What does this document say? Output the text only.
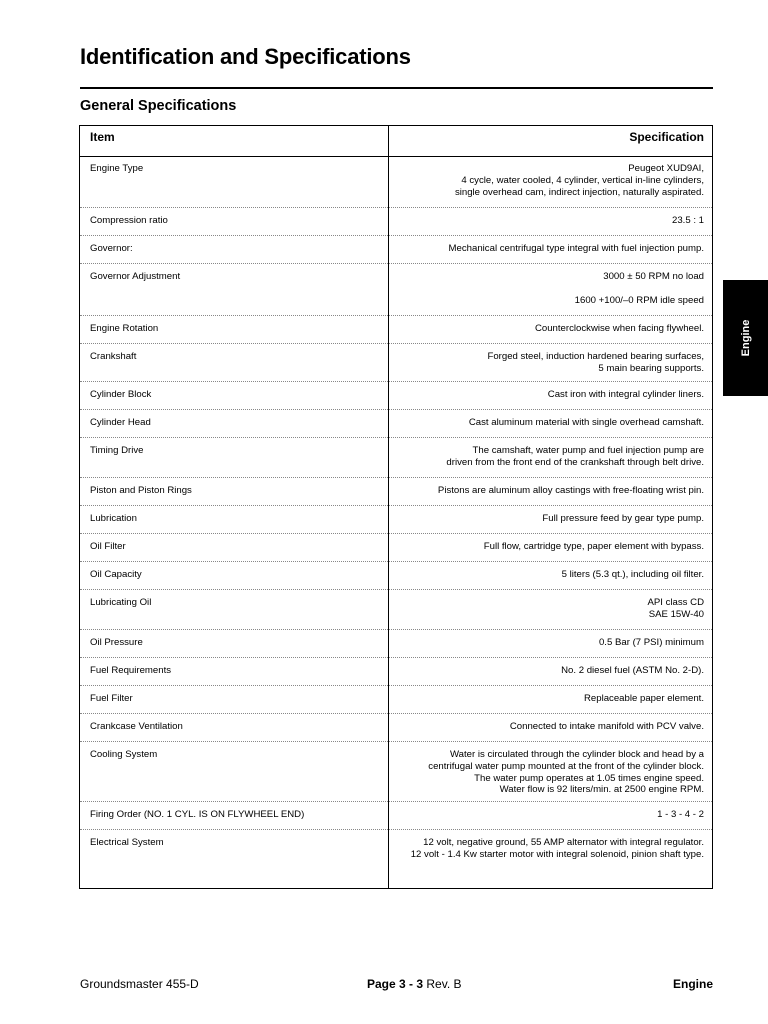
Identification and Specifications
General Specifications
Item	Specification
Engine Type	Peugeot XUD9AI,
4 cycle, water cooled, 4 cylinder, vertical in-line cylinders,
single overhead cam, indirect injection, naturally aspirated.
Compression ratio	23.5 : 1
Governor:	Mechanical centrifugal type integral with fuel injection pump.
Governor Adjustment	3000 ± 50 RPM no load
1600 +100/–0 RPM idle speed
Engine Rotation	Counterclockwise when facing flywheel.
Crankshaft	Forged steel, induction hardened bearing surfaces,
5 main bearing supports.
Cylinder Block	Cast iron with integral cylinder liners.
Cylinder Head	Cast aluminum material with single overhead camshaft.
Timing Drive	The camshaft, water pump and fuel injection pump are
driven from the front end of the crankshaft through belt drive.
Piston and Piston Rings	Pistons are aluminum alloy castings with free-floating wrist pin.
Lubrication	Full pressure feed by gear type pump.
Oil Filter	Full flow, cartridge type, paper element with bypass.
Oil Capacity	5 liters (5.3 qt.), including oil filter.
Lubricating Oil	API class CD
SAE 15W-40
Oil Pressure	0.5 Bar (7 PSI) minimum
Fuel Requirements	No. 2 diesel fuel (ASTM No. 2-D).
Fuel Filter	Replaceable paper element.
Crankcase Ventilation	Connected to intake manifold with PCV valve.
Cooling System	Water is circulated through the cylinder block and head by a
centrifugal water pump mounted at the front of the cylinder block.
The water pump operates at 1.05 times engine speed.
Water flow is 92 liters/min. at 2500 engine RPM.
Firing Order (NO. 1 CYL. IS ON FLYWHEEL END)	1 - 3 - 4 - 2
Electrical System	12 volt, negative ground, 55 AMP alternator with integral regulator.
12 volt - 1.4 Kw starter motor with integral solenoid, pinion shaft type.
Engine
Groundsmaster 455-D	Page 3 - 3 Rev. B	Engine
